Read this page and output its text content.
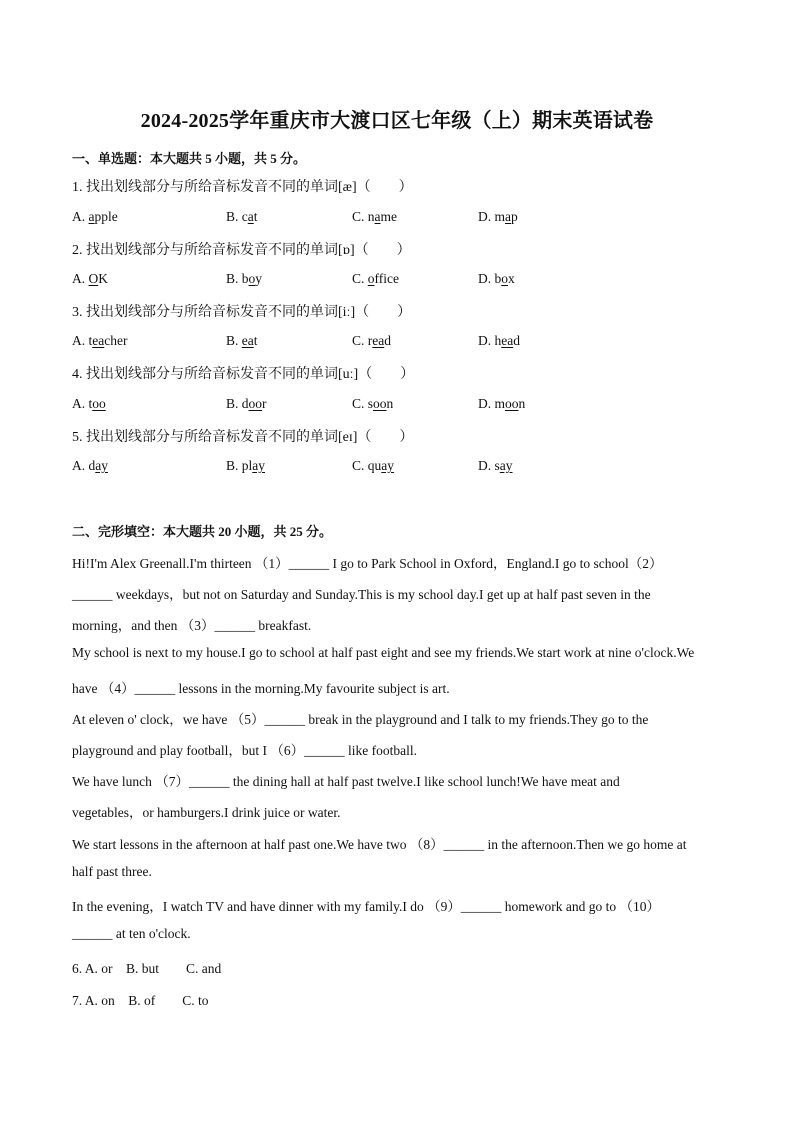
2024-2025学年重庆市大渡口区七年级（上）期末英语试卷
一、单选题：本大题共 5 小题，共 5 分。
1. 找出划线部分与所给音标发音不同的单词[æ]（　　）
A. apple	B. cat	C. name	D. map
2. 找出划线部分与所给音标发音不同的单词[ɒ]（　　）
A. OK	B. boy	C. office	D. box
3. 找出划线部分与所给音标发音不同的单词[iː]（　　）
A. teacher	B. eat	C. read	D. head
4. 找出划线部分与所给音标发音不同的单词[uː]（　　）
A. too	B. door	C. soon	D. moon
5. 找出划线部分与所给音标发音不同的单词[eɪ]（　　）
A. day	B. play	C. quay	D. say
二、完形填空：本大题共 20 小题，共 25 分。
Hi!I'm Alex Greenall.I'm thirteen （1）______ I go to Park School in Oxford，England.I go to school（2）
______ weekdays，but not on Saturday and Sunday.This is my school day.I get up at half past seven in the
morning，and then （3）______ breakfast.
My school is next to my house.I go to school at half past eight and see my friends.We start work at nine o'clock.We
have （4）______ lessons in the morning.My favourite subject is art.
At eleven o' clock，we have （5）______ break in the playground and I talk to my friends.They go to the
playground and play football，but I （6）______ like football.
We have lunch （7）______ the dining hall at half past twelve.I like school lunch!We have meat and
vegetables，or hamburgers.I drink juice or water.
We start lessons in the afternoon at half past one.We have two （8）______ in the afternoon.Then we go home at
half past three.
In the evening，I watch TV and have dinner with my family.I do （9）______ homework and go to （10）
______ at ten o'clock.
6. A. or　B. but　　C. and
7. A. on　B. of　　C. to
